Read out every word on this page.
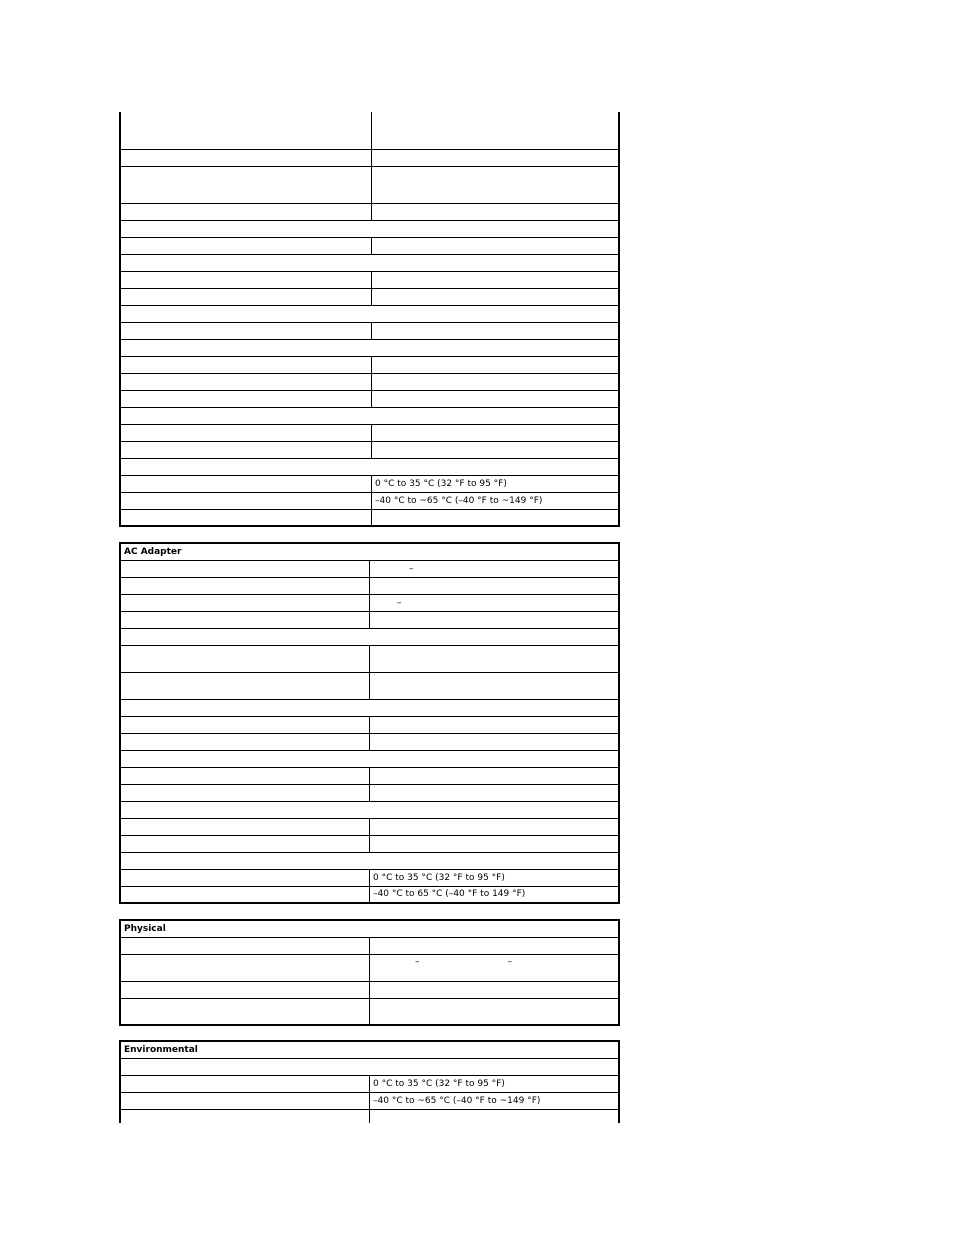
	0 °C to 35 °C (32 °F to 95 °F)
	–40 °C to ~65 °C (–40 °F to ~149 °F)

AC Adapter	
	–

	–

	0 °C to 35 °C (32 °F to 95 °F)
	–40 °C to 65 °C (–40 °F to 149 °F)
Physical	

	– –

Environmental	

	0 °C to 35 °C (32 °F to 95 °F)
	–40 °C to ~65 °C (–40 °F to ~149 °F)
